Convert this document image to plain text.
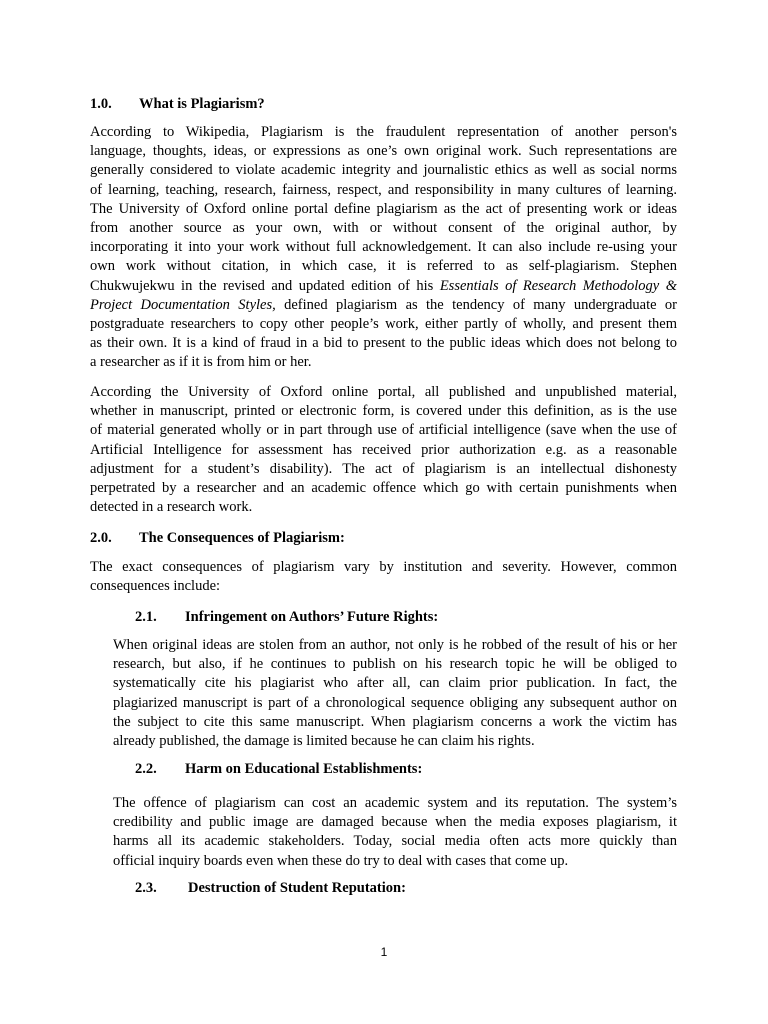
1.0. What is Plagiarism?
According to Wikipedia, Plagiarism is the fraudulent representation of another person's
language, thoughts, ideas, or expressions as one’s own original work. Such representations are
generally considered to violate academic integrity and journalistic ethics as well as social norms
of learning, teaching, research, fairness, respect, and responsibility in many cultures of learning.
The University of Oxford online portal define plagiarism as the act of presenting work or ideas
from another source as your own, with or without consent of the original author, by
incorporating it into your work without full acknowledgement. It can also include re-using your
own work without citation, in which case, it is referred to as self-plagiarism. Stephen
Chukwujekwu in the revised and updated edition of his Essentials of Research Methodology &
Project Documentation Styles, defined plagiarism as the tendency of many undergraduate or
postgraduate researchers to copy other people’s work, either partly of wholly, and present them
as their own. It is a kind of fraud in a bid to present to the public ideas which does not belong to
a researcher as if it is from him or her.
According the University of Oxford online portal, all published and unpublished material,
whether in manuscript, printed or electronic form, is covered under this definition, as is the use
of material generated wholly or in part through use of artificial intelligence (save when the use of
Artificial Intelligence for assessment has received prior authorization e.g. as a reasonable
adjustment for a student’s disability). The act of plagiarism is an intellectual dishonesty
perpetrated by a researcher and an academic offence which go with certain punishments when
detected in a research work.
2.0. The Consequences of Plagiarism:
The exact consequences of plagiarism vary by institution and severity. However, common
consequences include:
2.1. Infringement on Authors’ Future Rights:
When original ideas are stolen from an author, not only is he robbed of the result of his or her
research, but also, if he continues to publish on his research topic he will be obliged to
systematically cite his plagiarist who after all, can claim prior publication. In fact, the
plagiarized manuscript is part of a chronological sequence obliging any subsequent author on
the subject to cite this same manuscript. When plagiarism concerns a work the victim has
already published, the damage is limited because he can claim his rights.
2.2. Harm on Educational Establishments:
The offence of plagiarism can cost an academic system and its reputation. The system’s
credibility and public image are damaged because when the media exposes plagiarism, it
harms all its academic stakeholders. Today, social media often acts more quickly than
official inquiry boards even when these do try to deal with cases that come up.
2.3. Destruction of Student Reputation:
1
